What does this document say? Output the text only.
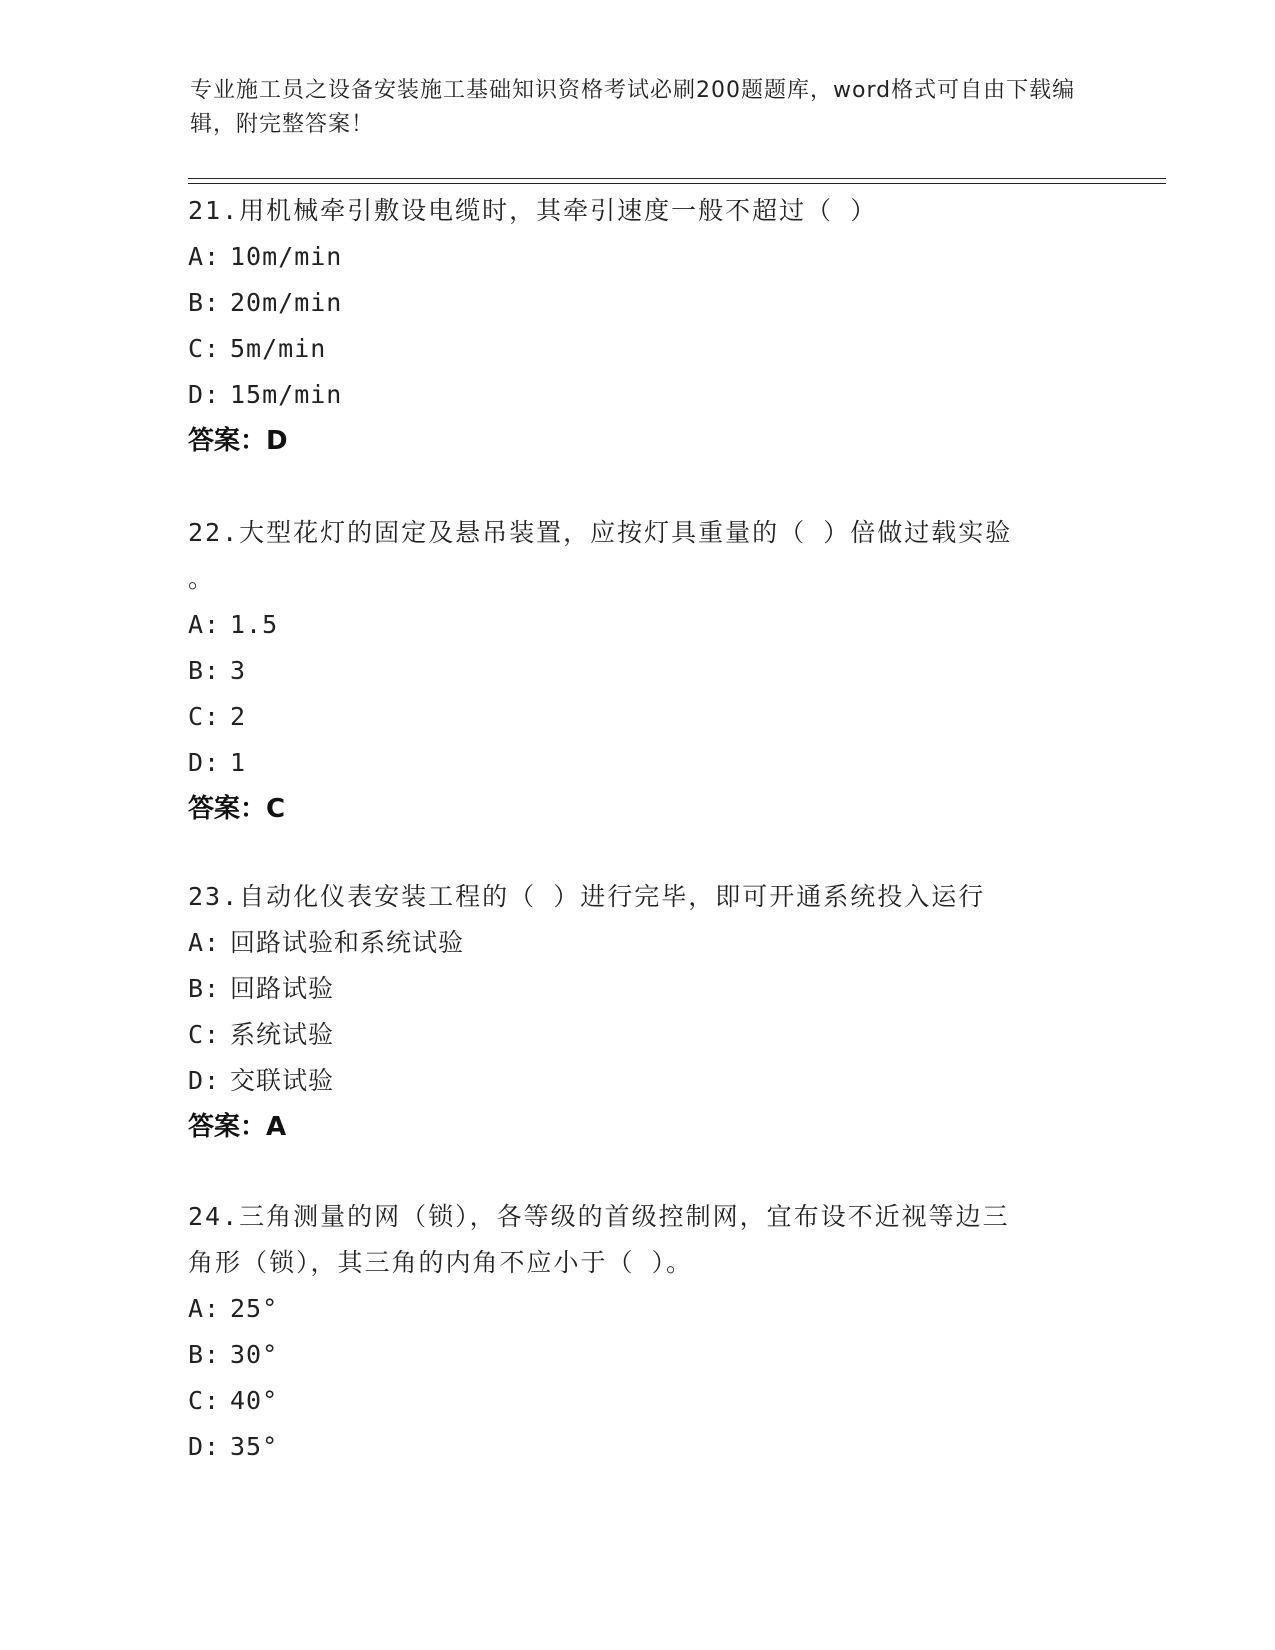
专业施工员之设备安装施工基础知识资格考试必刷200题题库，word格式可自由下载编辑，附完整答案！
21.用机械牵引敷设电缆时，其牵引速度一般不超过（ ）
A: 10m/min
B: 20m/min
C: 5m/min
D: 15m/min
答案：D
22.大型花灯的固定及悬吊装置，应按灯具重量的（ ）倍做过载实验
。
A: 1.5
B: 3
C: 2
D: 1
答案：C
23.自动化仪表安装工程的（ ）进行完毕，即可开通系统投入运行
A: 回路试验和系统试验
B: 回路试验
C: 系统试验
D: 交联试验
答案：A
24.三角测量的网（锁），各等级的首级控制网，宜布设不近视等边三
角形（锁），其三角的内角不应小于（ ）。
A: 25°
B: 30°
C: 40°
D: 35°
